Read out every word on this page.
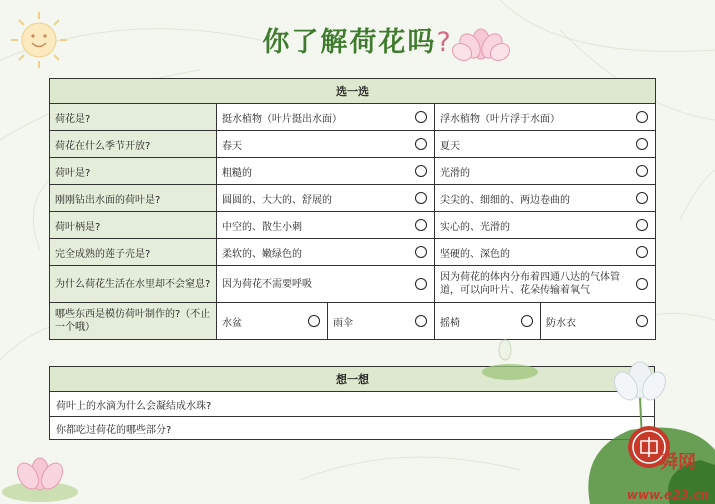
你了解荷花吗?
选一选				
荷花是?	挺水植物（叶片挺出水面）		浮水植物（叶片浮于水面）	

荷花在什么季节开放?	春天		夏天	

荷叶是?	粗糙的		光滑的	

刚刚钻出水面的荷叶是?	圆圆的、大大的、舒展的		尖尖的、细细的、两边卷曲的	

荷叶柄是?	中空的、散生小刺		实心的、光滑的	

完全成熟的莲子壳是?	柔软的、嫩绿色的		坚硬的、深色的	

为什么荷花生活在水里却不会窒息?	因为荷花不需要呼吸		因为荷花的体内分布着四通八达的气体管道，可以向叶片、花朵传输着氧气	

哪些东西是模仿荷叶制作的?（不止一个哦）	水盆	雨伞	摇椅	防水衣
想一想
荷叶上的水滴为什么会凝结成水珠?
你都吃过荷花的哪些部分?
舜网
www.e23.cn
